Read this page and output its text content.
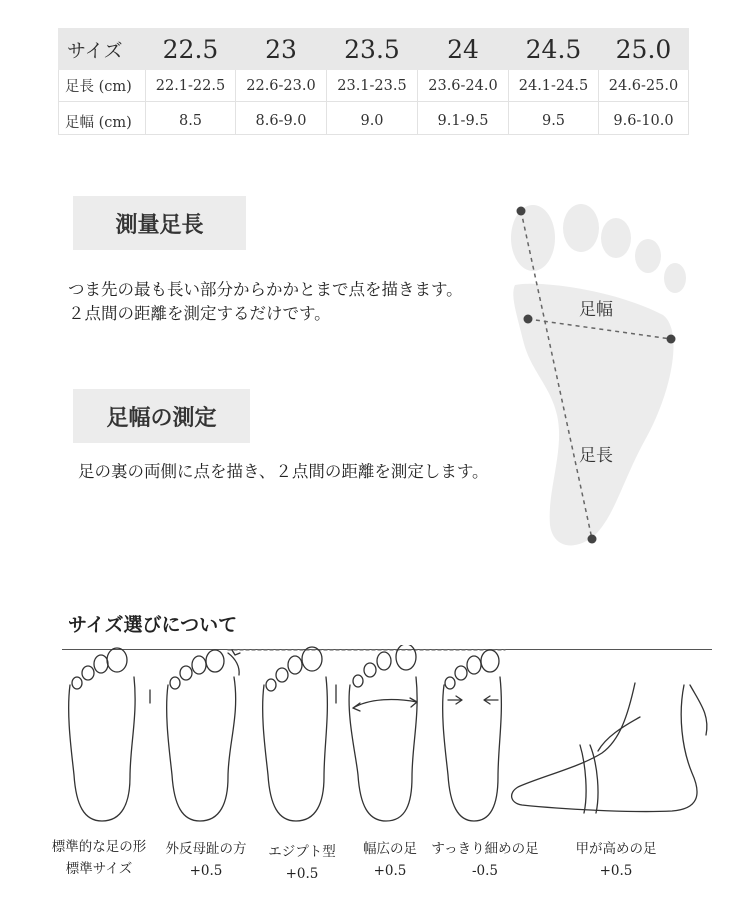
サイズ	22.5	23	23.5	24	24.5	25.0
足長 (cm)	22.1-22.5	22.6-23.0	23.1-23.5	23.6-24.0	24.1-24.5	24.6-25.0
足幅 (cm)	8.5	8.6-9.0	9.0	9.1-9.5	9.5	9.6-10.0
測量足長
つま先の最も長い部分からかかとまで点を描きます。
２点間の距離を測定するだけです。
足幅の測定
足の裏の両側に点を描き、２点間の距離を測定します。
足幅
足長
サイズ選びについて
標準的な足の形
標準サイズ
外反母趾の方
+0.5
エジプト型
+0.5
幅広の足
+0.5
すっきり細めの足
-0.5
甲が高めの足
+0.5
